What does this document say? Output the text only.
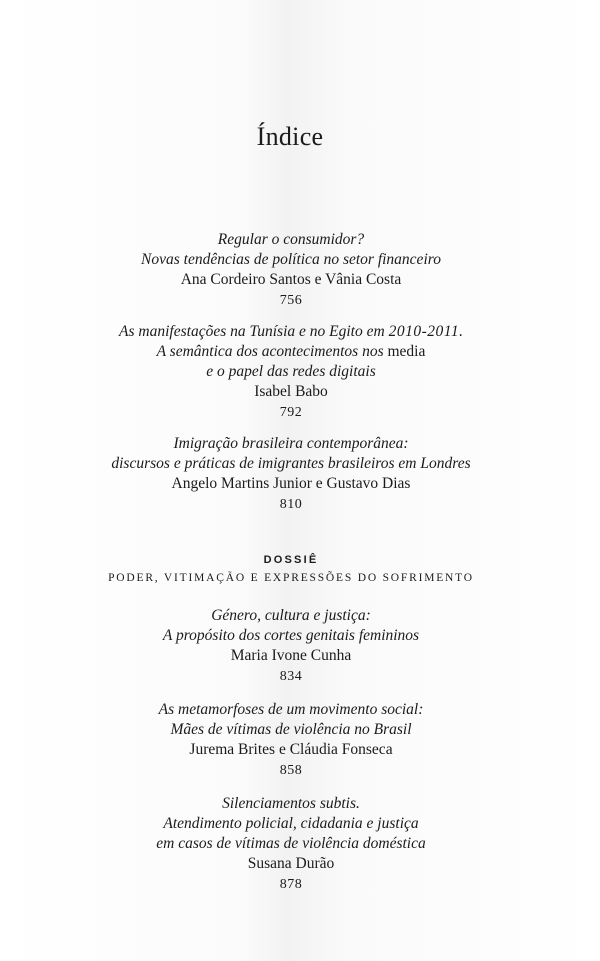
Índice
Regular o consumidor?
Novas tendências de política no setor financeiro
Ana Cordeiro Santos e Vânia Costa
756
As manifestações na Tunísia e no Egito em 2010-2011.
A semântica dos acontecimentos nos media
e o papel das redes digitais
Isabel Babo
792
Imigração brasileira contemporânea:
discursos e práticas de imigrantes brasileiros em Londres
Angelo Martins Junior e Gustavo Dias
810
DOSSIÊ
PODER, VITIMAÇÃO E EXPRESSÕES DO SOFRIMENTO
Género, cultura e justiça:
A propósito dos cortes genitais femininos
Maria Ivone Cunha
834
As metamorfoses de um movimento social:
Mães de vítimas de violência no Brasil
Jurema Brites e Cláudia Fonseca
858
Silenciamentos subtis.
Atendimento policial, cidadania e justiça
em casos de vítimas de violência doméstica
Susana Durão
878
